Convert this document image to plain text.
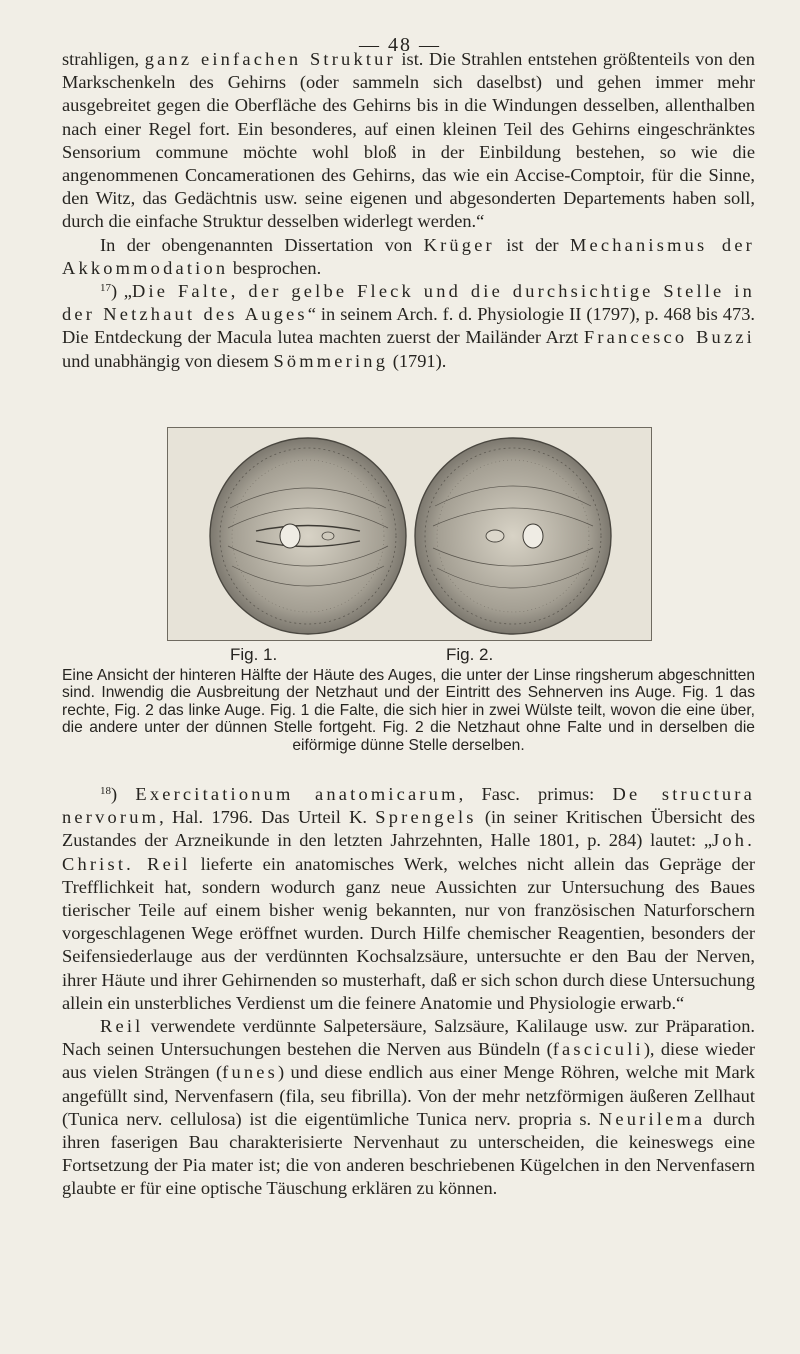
— 48 —

strahligen, ganz einfachen Struktur ist. Die Strahlen entstehen größtenteils von den Markschenkeln des Gehirns (oder sammeln sich daselbst) und gehen immer mehr ausgebreitet gegen die Oberfläche des Gehirns bis in die Windungen desselben, allenthalben nach einer Regel fort. Ein besonderes, auf einen kleinen Teil des Gehirns eingeschränktes Sensorium commune möchte wohl bloß in der Einbildung bestehen, so wie die angenommenen Concamerationen des Gehirns, das wie ein Accise-Comptoir, für die Sinne, den Witz, das Gedächtnis usw. seine eigenen und abgesonderten Departements haben soll, durch die einfache Struktur desselben widerlegt werden.“

In der obengenannten Dissertation von Krüger ist der Mechanismus der Akkommodation besprochen.

$^{17}$) „Die Falte, der gelbe Fleck und die durchsichtige Stelle in der Netzhaut des Auges“ in seinem Arch. f. d. Physiologie II (1797), p. 468 bis 473. Die Entdeckung der Macula lutea machten zuerst der Mailänder Arzt Francesco Buzzi und unabhängig von diesem Sömmering (1791).

Fig. 1.	Fig. 2.

Eine Ansicht der hinteren Hälfte der Häute des Auges, die unter der Linse ringsherum abgeschnitten sind. Inwendig die Ausbreitung der Netzhaut und der Eintritt des Sehnerven ins Auge. Fig. 1 das rechte, Fig. 2 das linke Auge. Fig. 1 die Falte, die sich hier in zwei Wülste teilt, wovon die eine über, die andere unter der dünnen Stelle fortgeht. Fig. 2 die Netzhaut ohne Falte und in derselben die eiförmige dünne Stelle derselben.

$^{18}$) Exercitationum anatomicarum, Fasc. primus: De structura nervorum, Hal. 1796. Das Urteil K. Sprengels (in seiner Kritischen Übersicht des Zustandes der Arzneikunde in den letzten Jahrzehnten, Halle 1801, p. 284) lautet: „Joh. Christ. Reil lieferte ein anatomisches Werk, welches nicht allein das Gepräge der Trefflichkeit hat, sondern wodurch ganz neue Aussichten zur Untersuchung des Baues tierischer Teile auf einem bisher wenig bekannten, nur von französischen Naturforschern vorgeschlagenen Wege eröffnet wurden. Durch Hilfe chemischer Reagentien, besonders der Seifensiederlauge aus der verdünnten Kochsalzsäure, untersuchte er den Bau der Nerven, ihrer Häute und ihrer Gehirnenden so musterhaft, daß er sich schon durch diese Untersuchung allein ein unsterbliches Verdienst um die feinere Anatomie und Physiologie erwarb.“

Reil verwendete verdünnte Salpetersäure, Salzsäure, Kalilauge usw. zur Präparation. Nach seinen Untersuchungen bestehen die Nerven aus Bündeln (fasciculi), diese wieder aus vielen Strängen (funes) und diese endlich aus einer Menge Röhren, welche mit Mark angefüllt sind, Nervenfasern (fila, seu fibrilla). Von der mehr netzförmigen äußeren Zellhaut (Tunica nerv. cellulosa) ist die eigentümliche Tunica nerv. propria s. Neurilema durch ihren faserigen Bau charakterisierte Nervenhaut zu unterscheiden, die keineswegs eine Fortsetzung der Pia mater ist; die von anderen beschriebenen Kügelchen in den Nervenfasern glaubte er für eine optische Täuschung erklären zu können.
